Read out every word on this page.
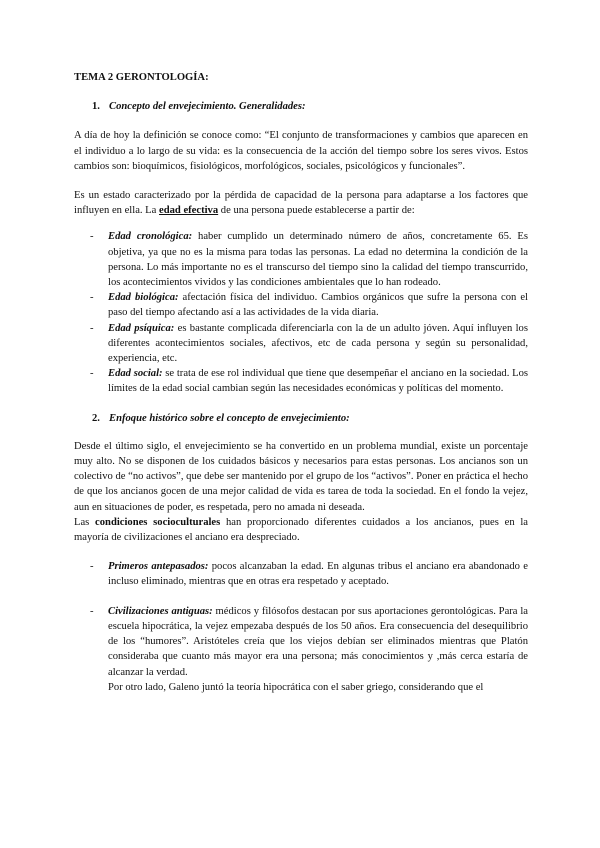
TEMA 2 GERONTOLOGÍA:

1. Concepto del envejecimiento. Generalidades:

A día de hoy la definición se conoce como: “El conjunto de transformaciones y cambios que aparecen en el individuo a lo largo de su vida: es la consecuencia de la acción del tiempo sobre los seres vivos. Estos cambios son: bioquímicos, fisiológicos, morfológicos, sociales, psicológicos y funcionales”.

Es un estado caracterizado por la pérdida de capacidad de la persona para adaptarse a los factores que influyen en ella. La edad efectiva de una persona puede establecerse a partir de:

- Edad cronológica: haber cumplido un determinado número de años, concretamente 65. Es objetiva, ya que no es la misma para todas las personas. La edad no determina la condición de la persona. Lo más importante no es el transcurso del tiempo sino la calidad del tiempo transcurrido, los acontecimientos vividos y las condiciones ambientales que lo han rodeado.
- Edad biológica: afectación física del individuo. Cambios orgánicos que sufre la persona con el paso del tiempo afectando así a las actividades de la vida diaria.
- Edad psíquica: es bastante complicada diferenciarla con la de un adulto jóven. Aquí influyen los diferentes acontecimientos sociales, afectivos, etc de cada persona y según su personalidad, experiencia, etc.
- Edad social: se trata de ese rol individual que tiene que desempeñar el anciano en la sociedad. Los límites de la edad social cambian según las necesidades económicas y políticas del momento.

2. Enfoque histórico sobre el concepto de envejecimiento:

Desde el último siglo, el envejecimiento se ha convertido en un problema mundial, existe un porcentaje muy alto. No se disponen de los cuidados básicos y necesarios para estas personas. Los ancianos son un colectivo de “no activos”, que debe ser mantenido por el grupo de los “activos”. Poner en práctica el hecho de que los ancianos gocen de una mejor calidad de vida es tarea de toda la sociedad. En el fondo la vejez, aun en situaciones de poder, es respetada, pero no amada ni deseada.

Las condiciones socioculturales han proporcionado diferentes cuidados a los ancianos, pues en la mayoría de civilizaciones el anciano era despreciado.

- Primeros antepasados: pocos alcanzaban la edad. En algunas tribus el anciano era abandonado e incluso eliminado, mientras que en otras era respetado y aceptado.
- Civilizaciones antiguas: médicos y filósofos destacan por sus aportaciones gerontológicas. Para la escuela hipocrática, la vejez empezaba después de los 50 años. Era consecuencia del desequilibrio de los “humores”. Aristóteles creía que los viejos debían ser eliminados mientras que Platón consideraba que cuanto más mayor era una persona; más conocimientos y ,más cerca estaría de alcanzar la verdad.

Por otro lado, Galeno juntó la teoría hipocrática con el saber griego, considerando que el
